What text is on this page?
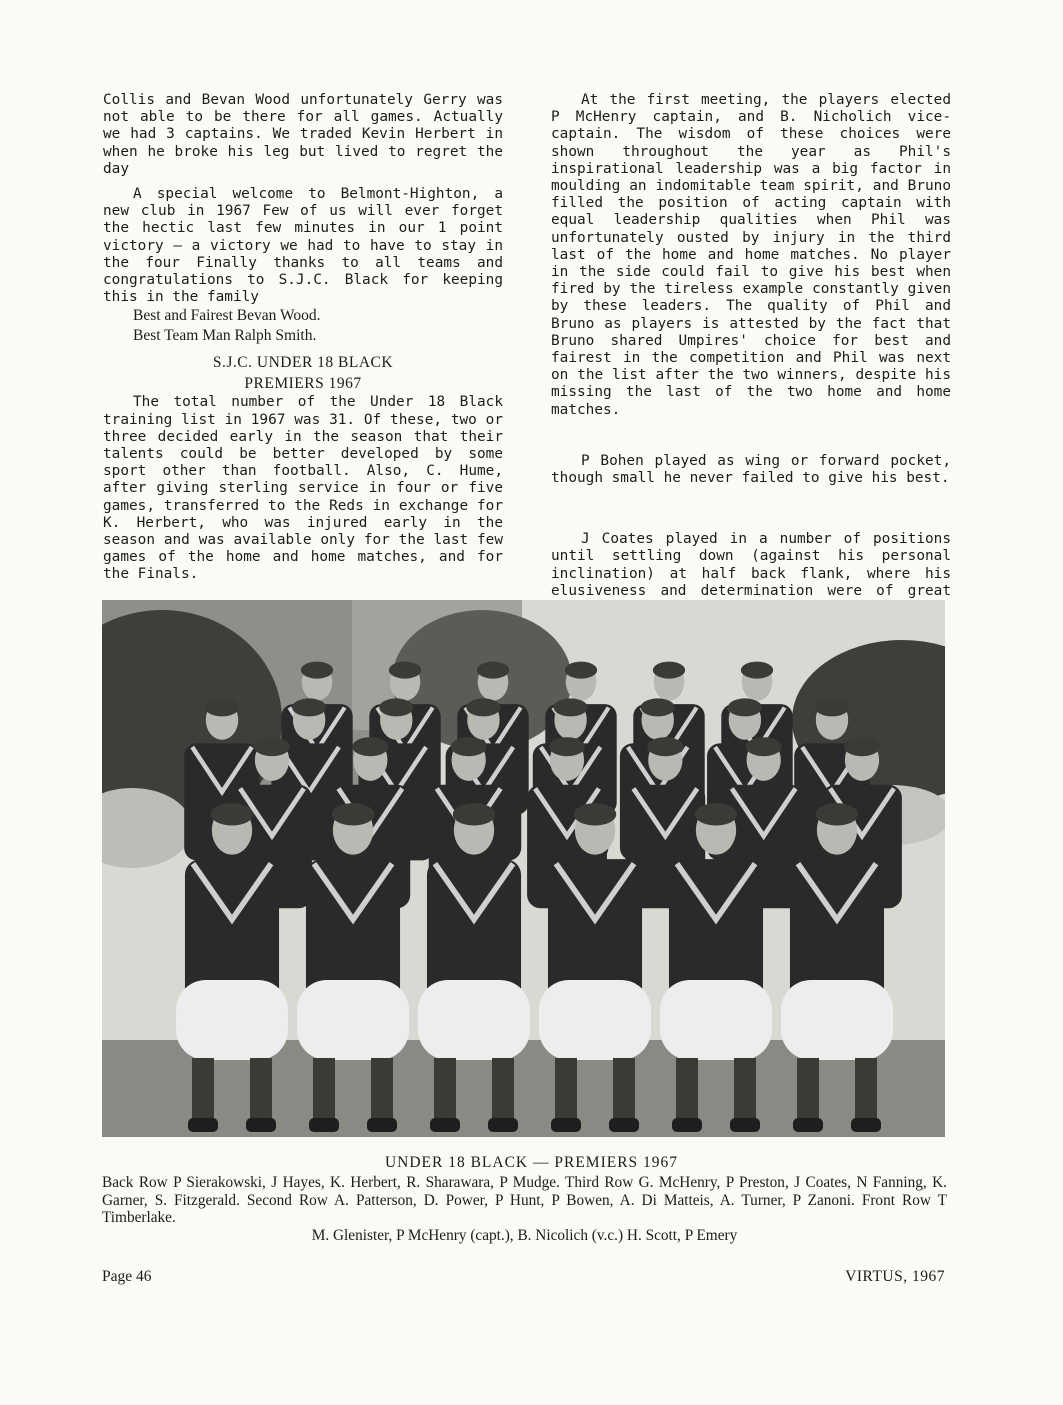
Collis and Bevan Wood unfortunately Gerry was not able to be there for all games. Actually we had 3 captains. We traded Kevin Herbert in when he broke his leg but lived to regret the day

A special welcome to Belmont-Highton, a new club in 1967 Few of us will ever forget the hectic last few minutes in our 1 point victory — a victory we had to have to stay in the four Finally thanks to all teams and congratulations to S.J.C. Black for keeping this in the family

Best and Fairest Bevan Wood.

Best Team Man Ralph Smith.

S.J.C. UNDER 18 BLACK
PREMIERS 1967

The total number of the Under 18 Black training list in 1967 was 31. Of these, two or three decided early in the season that their talents could be better developed by some sport other than football. Also, C. Hume, after giving sterling service in four or five games, transferred to the Reds in exchange for K. Herbert, who was injured early in the season and was available only for the last few games of the home and home matches, and for the Finals.

At the first meeting, the players elected P McHenry captain, and B. Nicholich vice-captain. The wisdom of these choices were shown throughout the year as Phil's inspirational leadership was a big factor in moulding an indomitable team spirit, and Bruno filled the position of acting captain with equal leadership qualities when Phil was unfortunately ousted by injury in the third last of the home and home matches. No player in the side could fail to give his best when fired by the tireless example constantly given by these leaders. The quality of Phil and Bruno as players is attested by the fact that Bruno shared Umpires' choice for best and fairest in the competition and Phil was next on the list after the two winners, despite his missing the last of the two home and home matches.

P Bohen played as wing or forward pocket, though small he never failed to give his best.

J Coates played in a number of positions until settling down (against his personal inclination) at half back flank, where his elusiveness and determination were of great

UNDER 18 BLACK — PREMIERS 1967
Back Row P Sierakowski, J Hayes, K. Herbert, R. Sharawara, P Mudge. Third Row G. McHenry, P Preston, J Coates, N Fanning, K. Garner, S. Fitzgerald. Second Row A. Patterson, D. Power, P Hunt, P Bowen, A. Di Matteis, A. Turner, P Zanoni. Front Row T Timberlake.
M. Glenister, P McHenry (capt.), B. Nicolich (v.c.) H. Scott, P Emery
Page 46	VIRTUS, 1967
